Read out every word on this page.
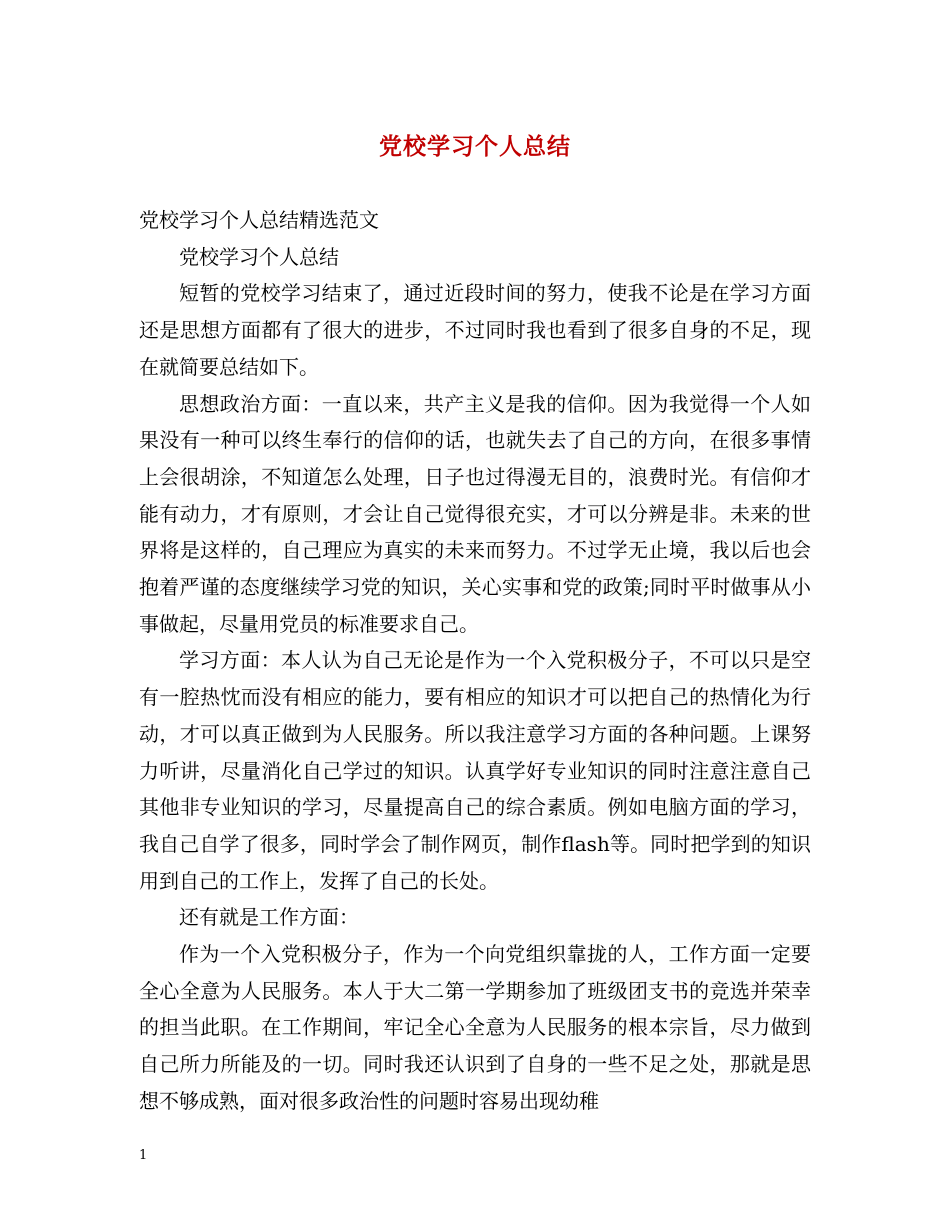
党校学习个人总结

党校学习个人总结精选范文

党校学习个人总结

短暂的党校学习结束了，通过近段时间的努力，使我不论是在学习方面还是思想方面都有了很大的进步，不过同时我也看到了很多自身的不足，现在就简要总结如下。

思想政治方面：一直以来，共产主义是我的信仰。因为我觉得一个人如果没有一种可以终生奉行的信仰的话，也就失去了自己的方向，在很多事情上会很胡涂，不知道怎么处理，日子也过得漫无目的，浪费时光。有信仰才能有动力，才有原则，才会让自己觉得很充实，才可以分辨是非。未来的世界将是这样的，自己理应为真实的未来而努力。不过学无止境，我以后也会抱着严谨的态度继续学习党的知识，关心实事和党的政策;同时平时做事从小事做起，尽量用党员的标准要求自己。

学习方面：本人认为自己无论是作为一个入党积极分子，不可以只是空有一腔热忱而没有相应的能力，要有相应的知识才可以把自己的热情化为行动，才可以真正做到为人民服务。所以我注意学习方面的各种问题。上课努力听讲，尽量消化自己学过的知识。认真学好专业知识的同时注意注意自己其他非专业知识的学习，尽量提高自己的综合素质。例如电脑方面的学习，我自己自学了很多，同时学会了制作网页，制作flash等。同时把学到的知识用到自己的工作上，发挥了自己的长处。

还有就是工作方面：

作为一个入党积极分子，作为一个向党组织靠拢的人，工作方面一定要全心全意为人民服务。本人于大二第一学期参加了班级团支书的竞选并荣幸的担当此职。在工作期间，牢记全心全意为人民服务的根本宗旨，尽力做到自己所力所能及的一切。同时我还认识到了自身的一些不足之处，那就是思想不够成熟，面对很多政治性的问题时容易出现幼稚

1
